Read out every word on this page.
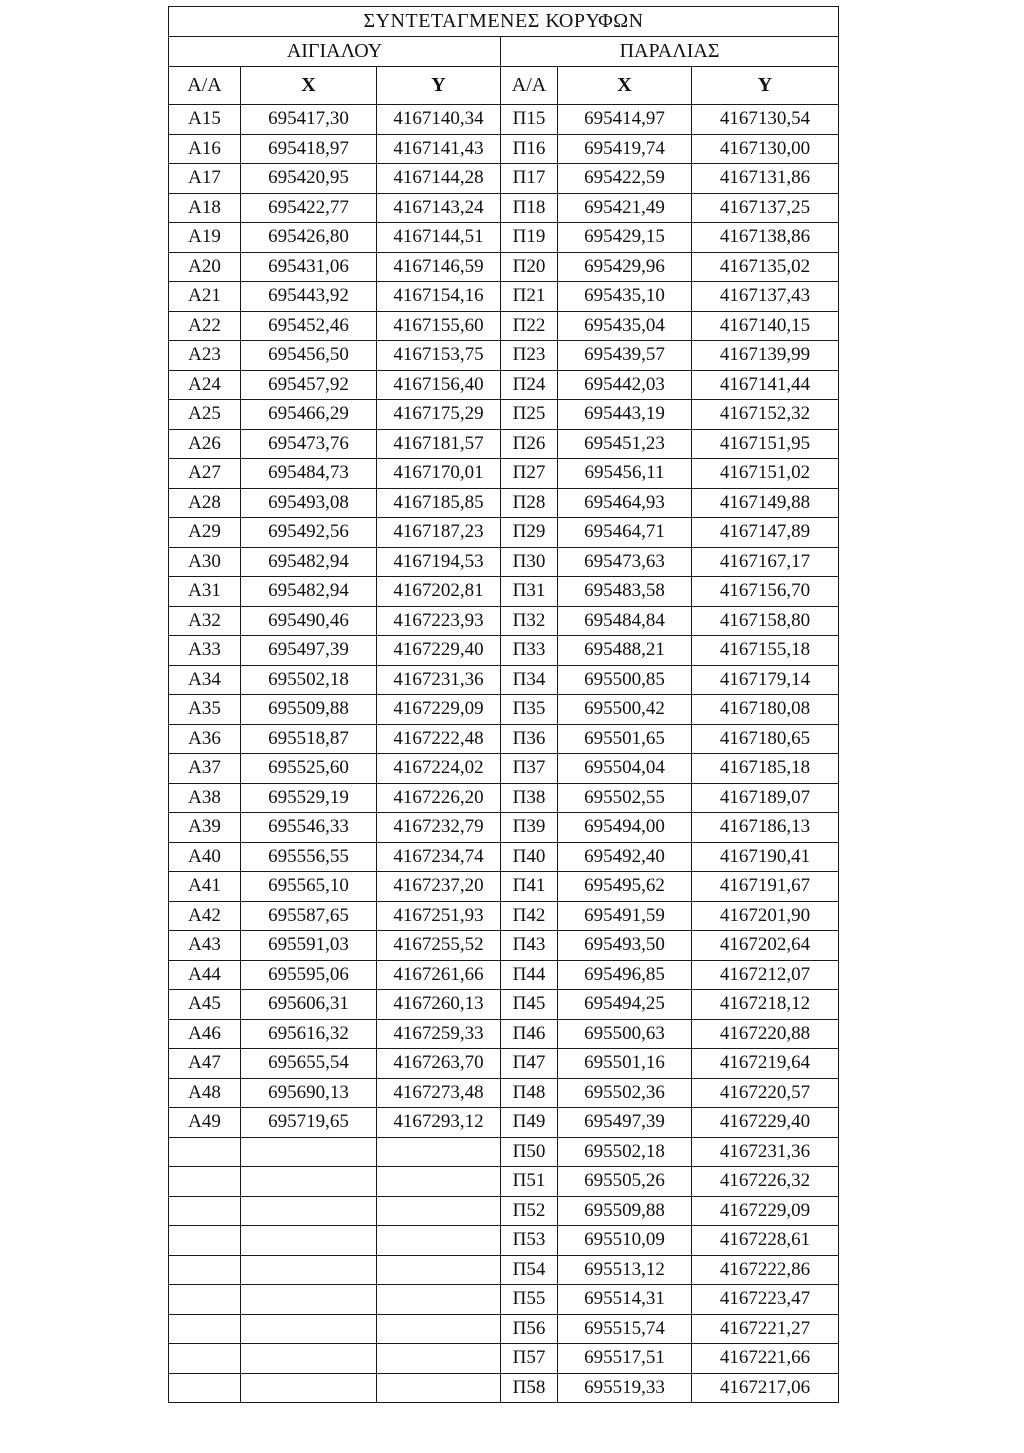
ΣΥΝΤΕΤΑΓΜΕΝΕΣ ΚΟΡΥΦΩΝ					
ΑΙΓΙΑΛΟΥ			ΠΑΡΑΛΙΑΣ		
Α/Α	X	Y	Α/Α	X	Y
Α15	695417,30	4167140,34	Π15	695414,97	4167130,54
Α16	695418,97	4167141,43	Π16	695419,74	4167130,00
Α17	695420,95	4167144,28	Π17	695422,59	4167131,86
Α18	695422,77	4167143,24	Π18	695421,49	4167137,25
Α19	695426,80	4167144,51	Π19	695429,15	4167138,86
Α20	695431,06	4167146,59	Π20	695429,96	4167135,02
Α21	695443,92	4167154,16	Π21	695435,10	4167137,43
Α22	695452,46	4167155,60	Π22	695435,04	4167140,15
Α23	695456,50	4167153,75	Π23	695439,57	4167139,99
Α24	695457,92	4167156,40	Π24	695442,03	4167141,44
Α25	695466,29	4167175,29	Π25	695443,19	4167152,32
Α26	695473,76	4167181,57	Π26	695451,23	4167151,95
Α27	695484,73	4167170,01	Π27	695456,11	4167151,02
Α28	695493,08	4167185,85	Π28	695464,93	4167149,88
Α29	695492,56	4167187,23	Π29	695464,71	4167147,89
Α30	695482,94	4167194,53	Π30	695473,63	4167167,17
Α31	695482,94	4167202,81	Π31	695483,58	4167156,70
Α32	695490,46	4167223,93	Π32	695484,84	4167158,80
Α33	695497,39	4167229,40	Π33	695488,21	4167155,18
Α34	695502,18	4167231,36	Π34	695500,85	4167179,14
Α35	695509,88	4167229,09	Π35	695500,42	4167180,08
Α36	695518,87	4167222,48	Π36	695501,65	4167180,65
Α37	695525,60	4167224,02	Π37	695504,04	4167185,18
Α38	695529,19	4167226,20	Π38	695502,55	4167189,07
Α39	695546,33	4167232,79	Π39	695494,00	4167186,13
Α40	695556,55	4167234,74	Π40	695492,40	4167190,41
Α41	695565,10	4167237,20	Π41	695495,62	4167191,67
Α42	695587,65	4167251,93	Π42	695491,59	4167201,90
Α43	695591,03	4167255,52	Π43	695493,50	4167202,64
Α44	695595,06	4167261,66	Π44	695496,85	4167212,07
Α45	695606,31	4167260,13	Π45	695494,25	4167218,12
Α46	695616,32	4167259,33	Π46	695500,63	4167220,88
Α47	695655,54	4167263,70	Π47	695501,16	4167219,64
Α48	695690,13	4167273,48	Π48	695502,36	4167220,57
Α49	695719,65	4167293,12	Π49	695497,39	4167229,40
			Π50	695502,18	4167231,36
			Π51	695505,26	4167226,32
			Π52	695509,88	4167229,09
			Π53	695510,09	4167228,61
			Π54	695513,12	4167222,86
			Π55	695514,31	4167223,47
			Π56	695515,74	4167221,27
			Π57	695517,51	4167221,66
			Π58	695519,33	4167217,06
